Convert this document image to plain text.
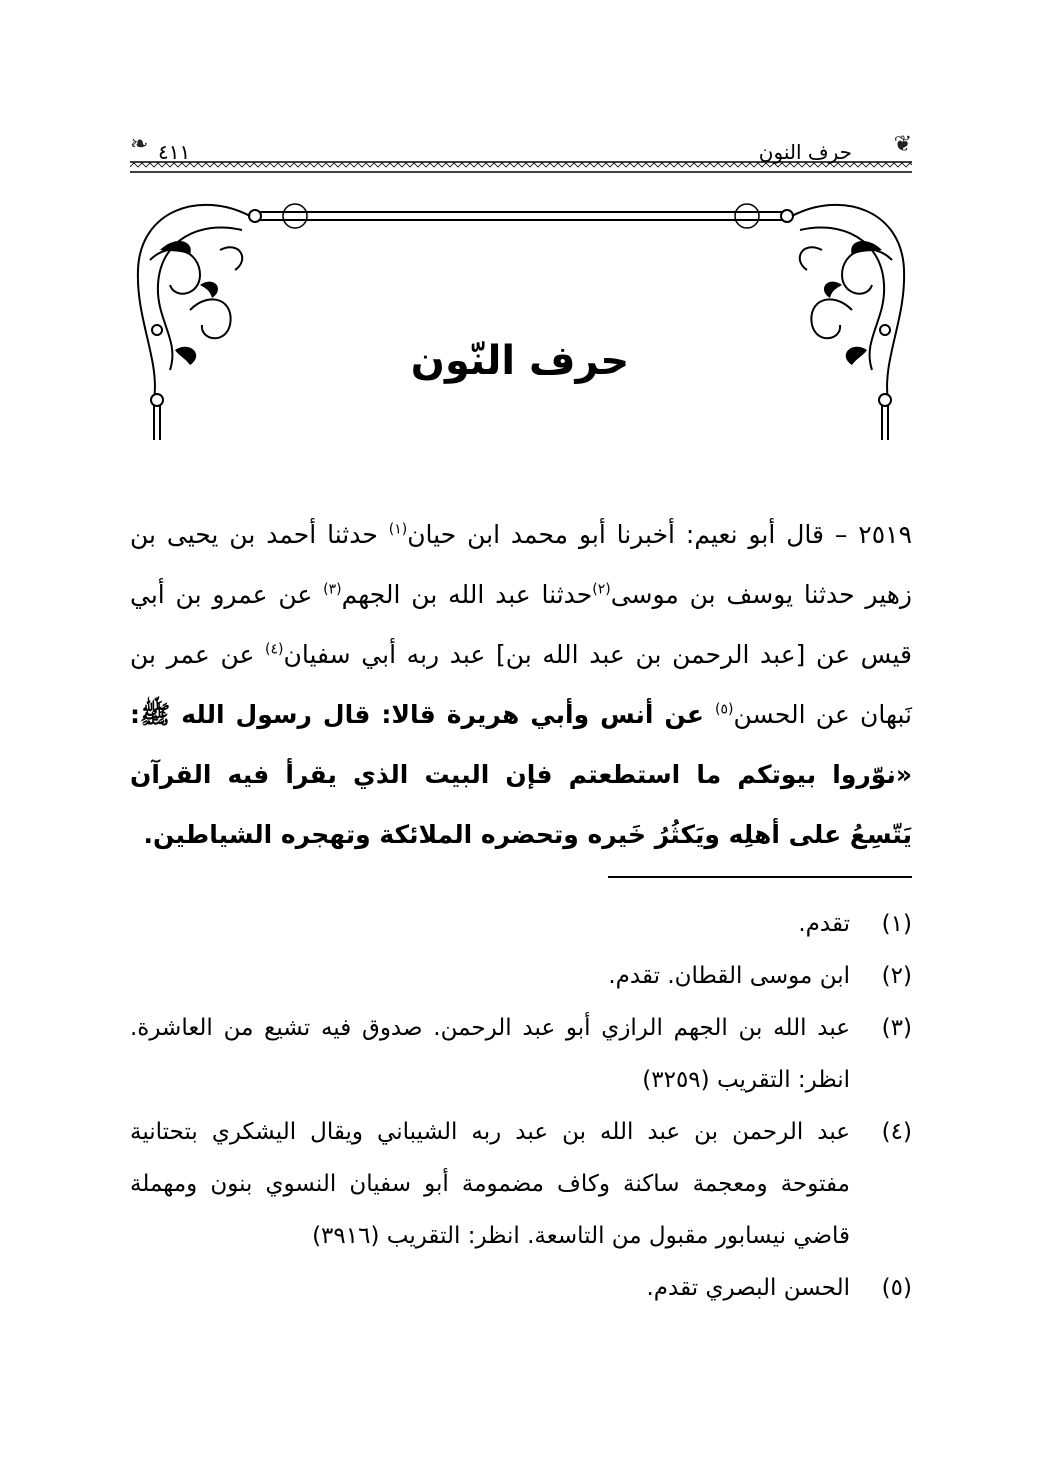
❦
حرف النون
٤١١
❧
حرف النّون
٢٥١٩ – قال أبو نعيم: أخبرنا أبو محمد ابن حيان$^{(١)}$ حدثنا أحمد بن يحيى بن زهير حدثنا يوسف بن موسى$^{(٢)}$حدثنا عبد الله بن الجهم$^{(٣)}$ عن عمرو بن أبي قيس عن [عبد الرحمن بن عبد الله بن] عبد ربه أبي سفيان$^{(٤)}$ عن عمر بن نَبهان عن الحسن$^{(٥)}$ عن أنس وأبي هريرة قالا: قال رسول الله ﷺ: «نوّروا بيوتكم ما استطعتم فإن البيت الذي يقرأ فيه القرآن يَتّسِعُ على أهلِه ويَكثُرُ خَيره وتحضره الملائكة وتهجره الشياطين.
(١)
تقدم.
(٢)
ابن موسى القطان. تقدم.
(٣)
عبد الله بن الجهم الرازي أبو عبد الرحمن. صدوق فيه تشيع من العاشرة. انظر: التقريب (٣٢٥٩)
(٤)
عبد الرحمن بن عبد الله بن عبد ربه الشيباني ويقال اليشكري بتحتانية مفتوحة ومعجمة ساكنة وكاف مضمومة أبو سفيان النسوي بنون ومهملة قاضي نيسابور مقبول من التاسعة. انظر: التقريب (٣٩١٦)
(٥)
الحسن البصري تقدم.
